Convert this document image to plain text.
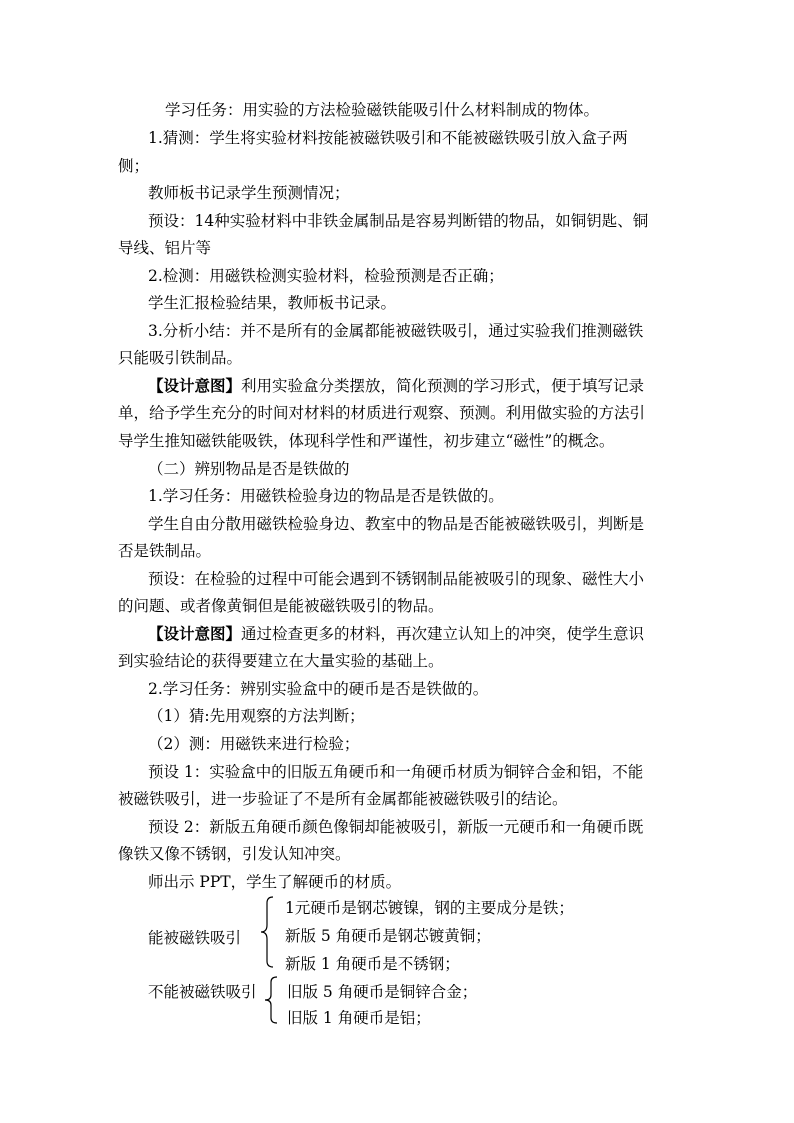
学习任务：用实验的方法检验磁铁能吸引什么材料制成的物体。
1.猜测：学生将实验材料按能被磁铁吸引和不能被磁铁吸引放入盒子两
侧；
教师板书记录学生预测情况；
预设：14种实验材料中非铁金属制品是容易判断错的物品，如铜钥匙、铜
导线、铝片等
2.检测：用磁铁检测实验材料，检验预测是否正确；
学生汇报检验结果，教师板书记录。
3.分析小结：并不是所有的金属都能被磁铁吸引，通过实验我们推测磁铁
只能吸引铁制品。
【设计意图】利用实验盒分类摆放，简化预测的学习形式，便于填写记录
单，给予学生充分的时间对材料的材质进行观察、预测。利用做实验的方法引
导学生推知磁铁能吸铁，体现科学性和严谨性，初步建立“磁性”的概念。
（二）辨别物品是否是铁做的
1.学习任务：用磁铁检验身边的物品是否是铁做的。
学生自由分散用磁铁检验身边、教室中的物品是否能被磁铁吸引，判断是
否是铁制品。
预设：在检验的过程中可能会遇到不锈钢制品能被吸引的现象、磁性大小
的问题、或者像黄铜但是能被磁铁吸引的物品。
【设计意图】通过检查更多的材料，再次建立认知上的冲突，使学生意识
到实验结论的获得要建立在大量实验的基础上。
2.学习任务：辨别实验盒中的硬币是否是铁做的。
（1）猜:先用观察的方法判断；
（2）测：用磁铁来进行检验；
预设 1：实验盒中的旧版五角硬币和一角硬币材质为铜锌合金和铝，不能
被磁铁吸引，进一步验证了不是所有金属都能被磁铁吸引的结论。
预设 2：新版五角硬币颜色像铜却能被吸引，新版一元硬币和一角硬币既
像铁又像不锈钢，引发认知冲突。
师出示 PPT，学生了解硬币的材质。
能被磁铁吸引
1元硬币是钢芯镀镍，钢的主要成分是铁；
新版 5 角硬币是钢芯镀黄铜；
新版 1 角硬币是不锈钢；
不能被磁铁吸引 旧版 5 角硬币是铜锌合金；
旧版 1 角硬币是铝；
